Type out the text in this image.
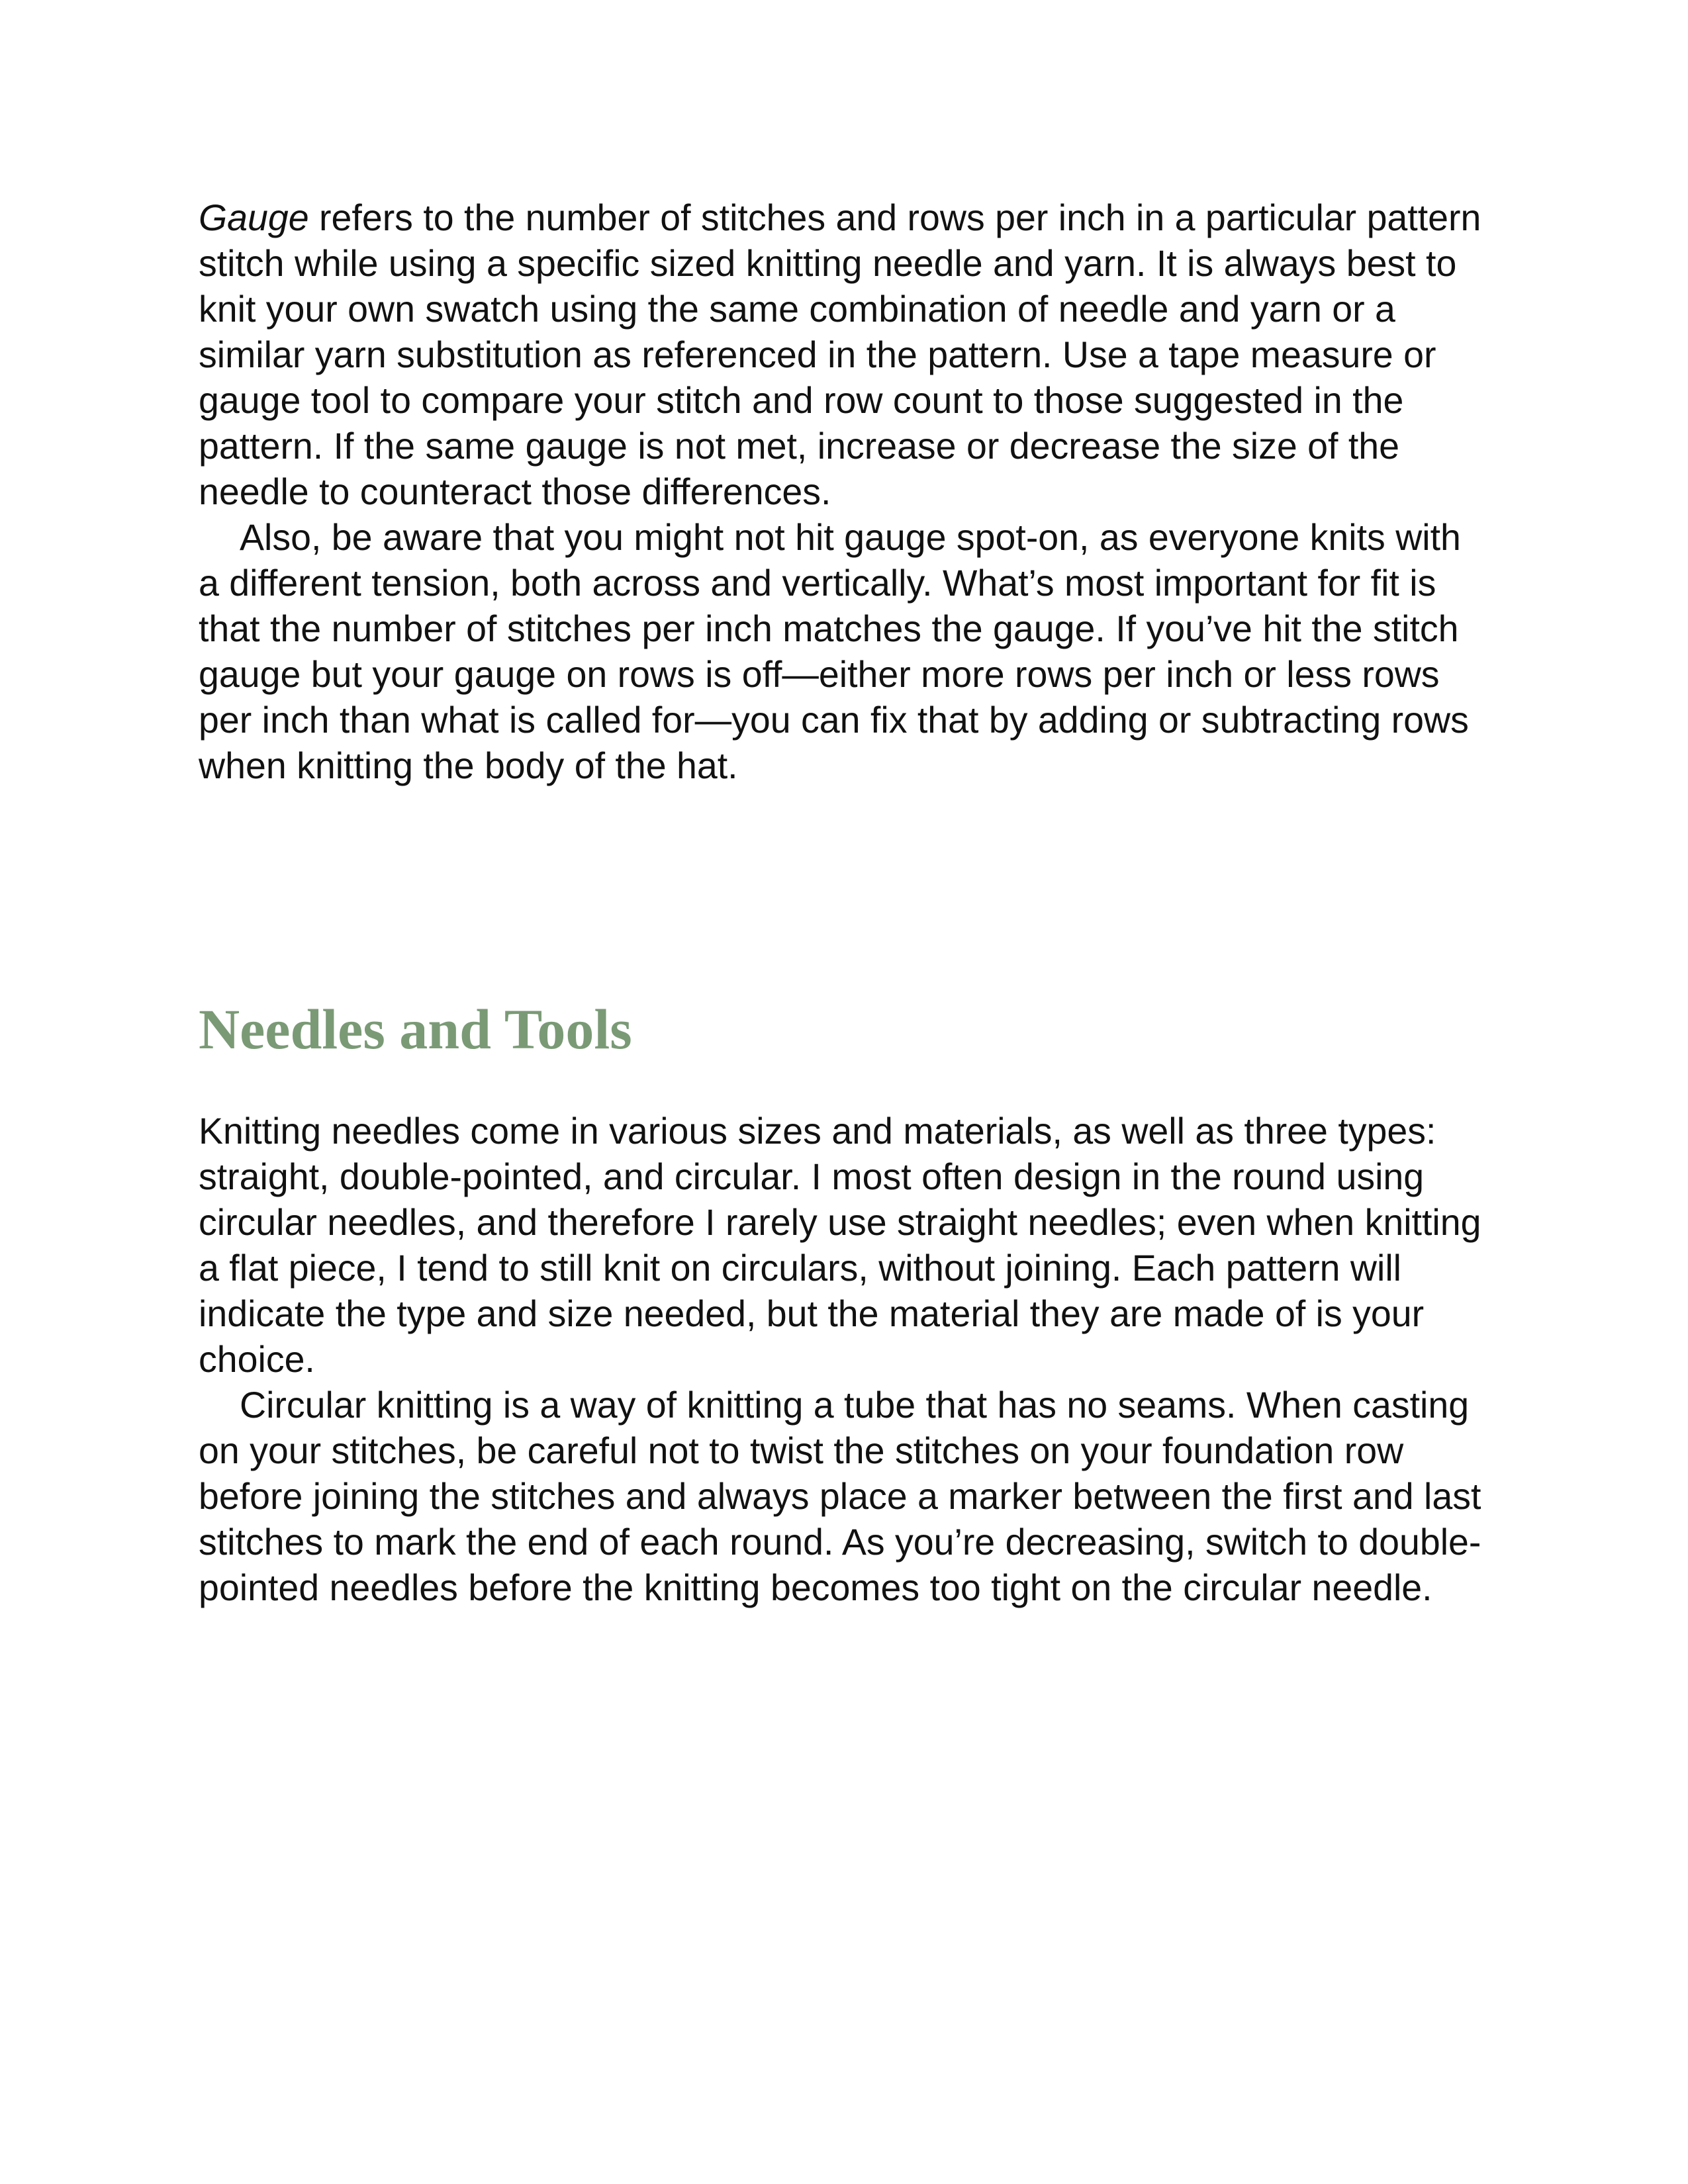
Gauge refers to the number of stitches and rows per inch in a particular pattern stitch while using a specific sized knitting needle and yarn. It is always best to knit your own swatch using the same combination of needle and yarn or a similar yarn substitution as referenced in the pattern. Use a tape measure or gauge tool to compare your stitch and row count to those suggested in the pattern. If the same gauge is not met, increase or decrease the size of the needle to counteract those differences.

Also, be aware that you might not hit gauge spot-on, as everyone knits with a different tension, both across and vertically. What’s most important for fit is that the number of stitches per inch matches the gauge. If you’ve hit the stitch gauge but your gauge on rows is off—either more rows per inch or less rows per inch than what is called for—you can fix that by adding or subtracting rows when knitting the body of the hat.

Needles and Tools

Knitting needles come in various sizes and materials, as well as three types: straight, double-pointed, and circular. I most often design in the round using circular needles, and therefore I rarely use straight needles; even when knitting a flat piece, I tend to still knit on circulars, without joining. Each pattern will indicate the type and size needed, but the material they are made of is your choice.

Circular knitting is a way of knitting a tube that has no seams. When casting on your stitches, be careful not to twist the stitches on your foundation row before joining the stitches and always place a marker between the first and last stitches to mark the end of each round. As you’re decreasing, switch to double-pointed needles before the knitting becomes too tight on the circular needle.
